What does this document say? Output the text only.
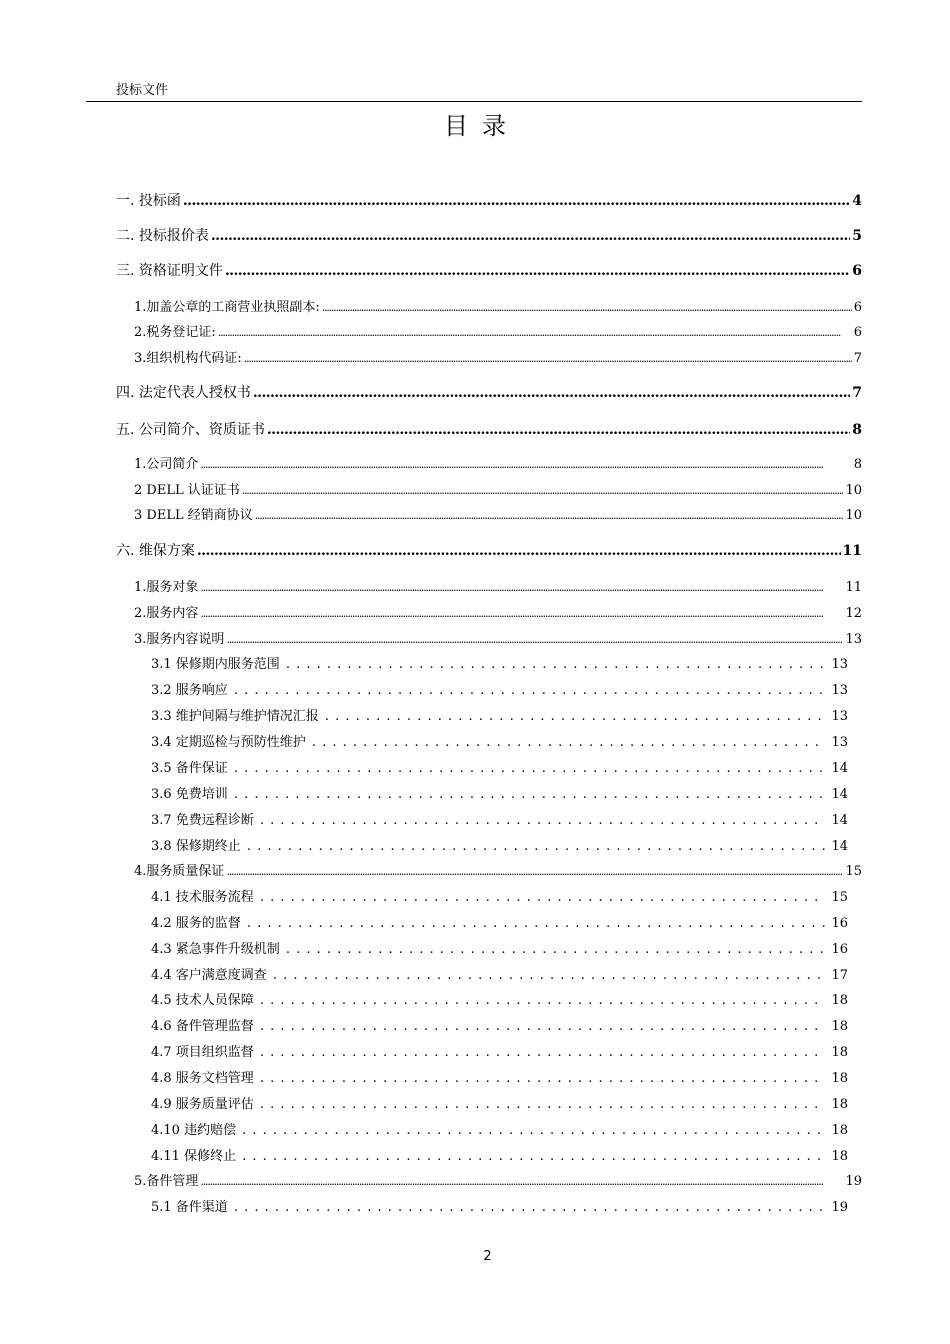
投标文件
目录
一. 投标函 .....	4
二. 投标报价表 .....	5
三. 资格证明文件 .....	6
1.加盖公章的工商营业执照副本: .....	6
2.税务登记证: .....	6
3.组织机构代码证: .....	7
四. 法定代表人授权书 .....	7
五. 公司简介、资质证书 .....	8
1.公司简介 .....	8
2 DELL 认证证书 .....	10
3 DELL 经销商协议 .....	10
六. 维保方案 .....	11
1.服务对象 .....	11
2.服务内容 .....	12
3.服务内容说明 .....	13
3.1 保修期内服务范围 . . .	13
3.2 服务响应 . . .	13
3.3 维护间隔与维护情况汇报 . . .	13
3.4 定期巡检与预防性维护 . . .	13
3.5 备件保证 . . .	14
3.6 免费培训 . . .	14
3.7 免费远程诊断 . . .	14
3.8 保修期终止 . . .	14
4.服务质量保证 .....	15
4.1 技术服务流程 . . .	15
4.2 服务的监督 . . .	16
4.3 紧急事件升级机制 . . .	16
4.4 客户满意度调查 . . .	17
4.5 技术人员保障 . . .	18
4.6 备件管理监督 . . .	18
4.7 项目组织监督 . . .	18
4.8 服务文档管理 . . .	18
4.9 服务质量评估 . . .	18
4.10 违约赔偿 . . .	18
4.11 保修终止 . . .	18
5.备件管理 .....	19
5.1 备件渠道 . . .	19
2
